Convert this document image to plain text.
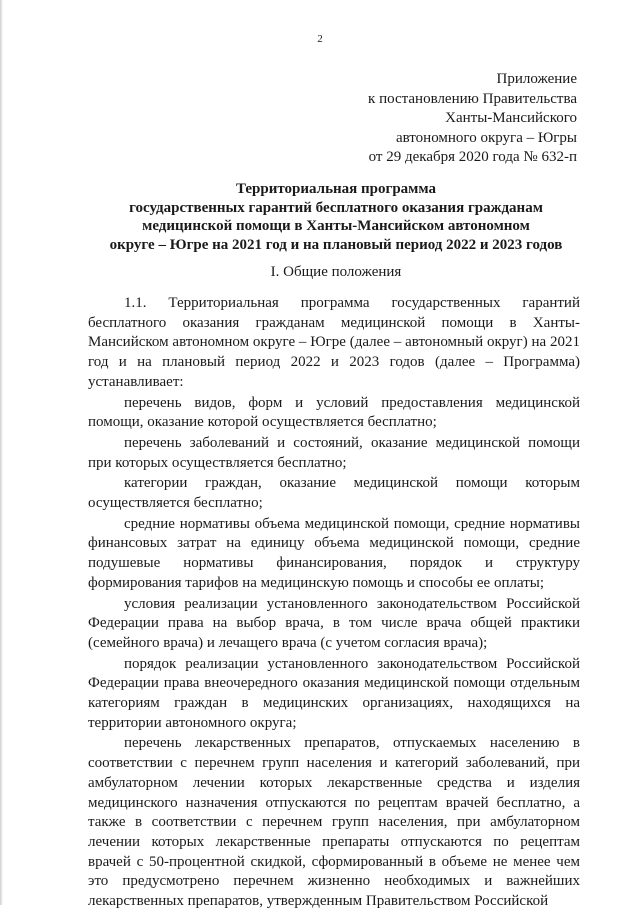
2
Приложение
к постановлению Правительства
Ханты-Мансийского
автономного округа – Югры
от 29 декабря 2020 года № 632-п
Территориальная программа
государственных гарантий бесплатного оказания гражданам
медицинской помощи в Ханты-Мансийском автономном
округе – Югре на 2021 год и на плановый период 2022 и 2023 годов
I. Общие положения

1.1. Территориальная программа государственных гарантий бесплатного оказания гражданам медицинской помощи в Ханты-Мансийском автономном округе – Югре (далее – автономный округ) на 2021 год и на плановый период 2022 и 2023 годов (далее – Программа) устанавливает:

перечень видов, форм и условий предоставления медицинской помощи, оказание которой осуществляется бесплатно;

перечень заболеваний и состояний, оказание медицинской помощи при которых осуществляется бесплатно;

категории граждан, оказание медицинской помощи которым осуществляется бесплатно;

средние нормативы объема медицинской помощи, средние нормативы финансовых затрат на единицу объема медицинской помощи, средние подушевые нормативы финансирования, порядок и структуру формирования тарифов на медицинскую помощь и способы ее оплаты;

условия реализации установленного законодательством Российской Федерации права на выбор врача, в том числе врача общей практики (семейного врача) и лечащего врача (с учетом согласия врача);

порядок реализации установленного законодательством Российской Федерации права внеочередного оказания медицинской помощи отдельным категориям граждан в медицинских организациях, находящихся на территории автономного округа;

перечень лекарственных препаратов, отпускаемых населению в соответствии с перечнем групп населения и категорий заболеваний, при амбулаторном лечении которых лекарственные средства и изделия медицинского назначения отпускаются по рецептам врачей бесплатно, а также в соответствии с перечнем групп населения, при амбулаторном лечении которых лекарственные препараты отпускаются по рецептам врачей с 50-процентной скидкой, сформированный в объеме не менее чем это предусмотрено перечнем жизненно необходимых и важнейших лекарственных препаратов, утвержденным Правительством Российской
